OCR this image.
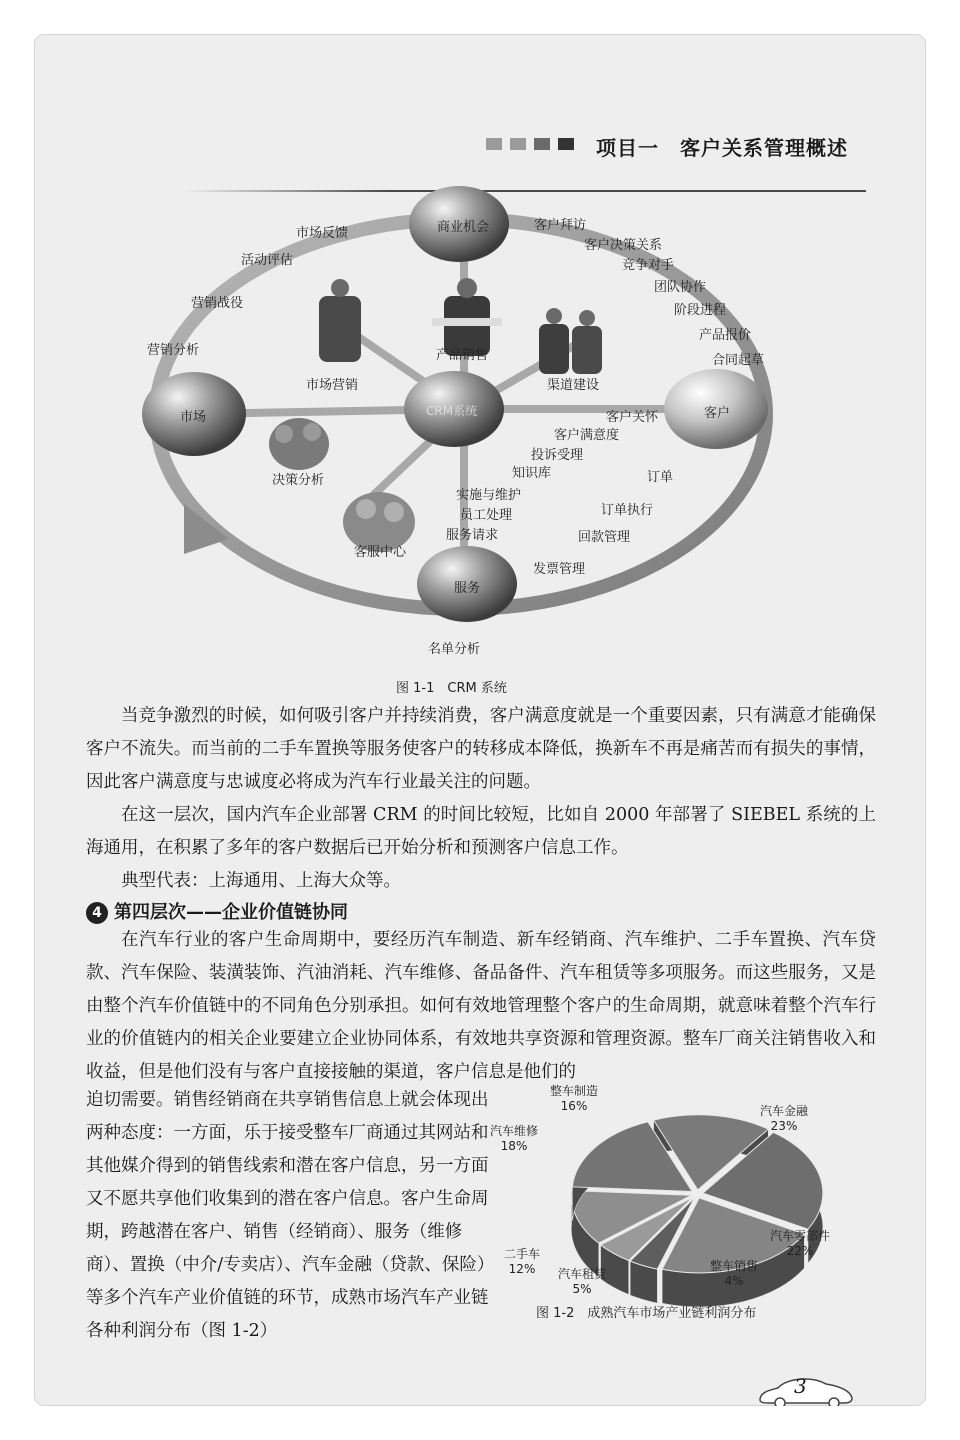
项目一　客户关系管理概述

商业机会
市场	CRM系统	客户
服务
市场反馈
活动评估
营销战役
营销分析
市场营销
产品销售
渠道建设
决策分析
客服中心
名单分析
客户拜访
客户决策关系
竞争对手
团队协作
阶段进程
产品报价
合同起草
客户关怀
客户满意度
投诉受理
知识库
实施与维护
员工处理
服务请求
订单
订单执行
回款管理
发票管理
图 1-1　CRM 系统

当竞争激烈的时候，如何吸引客户并持续消费，客户满意度就是一个重要因素，只有满意才能确保客户不流失。而当前的二手车置换等服务使客户的转移成本降低，换新车不再是痛苦而有损失的事情，因此客户满意度与忠诚度必将成为汽车行业最关注的问题。

在这一层次，国内汽车企业部署 CRM 的时间比较短，比如自 2000 年部署了 SIEBEL 系统的上海通用，在积累了多年的客户数据后已开始分析和预测客户信息工作。

典型代表：上海通用、上海大众等。

4 第四层次——企业价值链协同

在汽车行业的客户生命周期中，要经历汽车制造、新车经销商、汽车维护、二手车置换、汽车贷款、汽车保险、装潢装饰、汽油消耗、汽车维修、备品备件、汽车租赁等多项服务。而这些服务，又是由整个汽车价值链中的不同角色分别承担。如何有效地管理整个客户的生命周期，就意味着整个汽车行业的价值链内的相关企业要建立企业协同体系，有效地共享资源和管理资源。整车厂商关注销售收入和收益，但是他们没有与客户直接接触的渠道，客户信息是他们的

迫切需要。销售经销商在共享销售信息上就会体现出两种态度：一方面，乐于接受整车厂商通过其网站和其他媒介得到的销售线索和潜在客户信息，另一方面又不愿共享他们收集到的潜在客户信息。客户生命周期，跨越潜在客户、销售（经销商）、服务（维修商）、置换（中介/专卖店）、汽车金融（贷款、保险）等多个汽车产业价值链的环节，成熟市场汽车产业链各种利润分布（图 1-2）

整车制造
16%	汽车金融
23%
汽车零部件
22%
整车销售
4%
汽车租赁
5%
二手车
12%
汽车维修
18%
图 1-2　成熟汽车市场产业链利润分布
3
